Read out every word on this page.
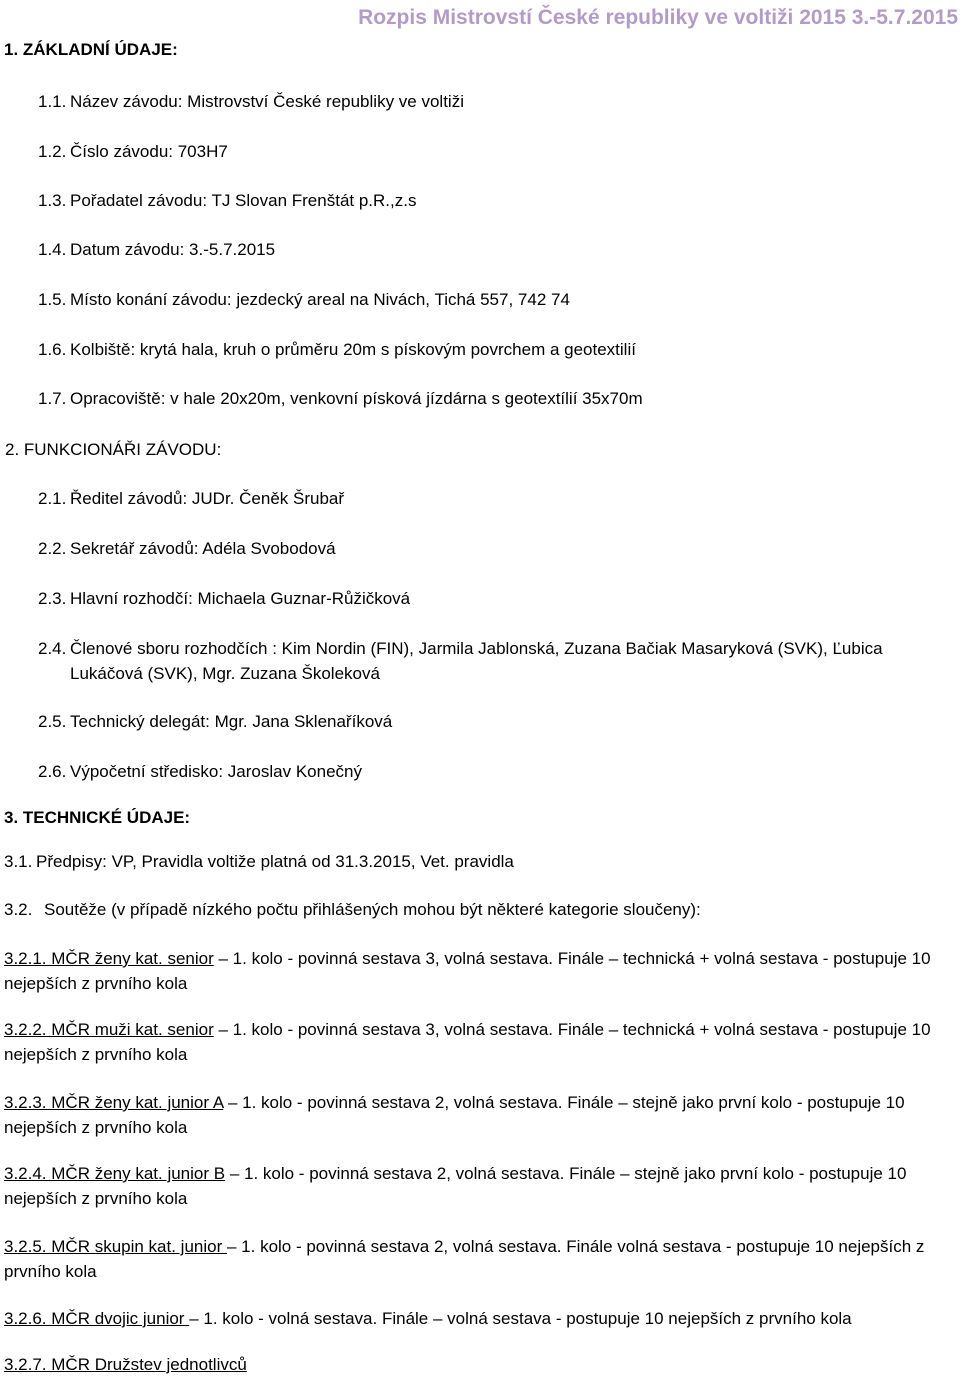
Rozpis Mistrovstí České republiky ve voltiži 2015 3.-5.7.2015
1. ZÁKLADNÍ ÚDAJE:
1.1. Název závodu: Mistrovství České republiky ve voltiži
1.2. Číslo závodu: 703H7
1.3. Pořadatel závodu: TJ Slovan Frenštát p.R.,z.s
1.4. Datum závodu: 3.-5.7.2015
1.5. Místo konání závodu: jezdecký areal na Nivách, Tichá 557, 742 74
1.6. Kolbiště: krytá hala, kruh o průměru 20m s pískovým povrchem a geotextilií
1.7. Opracoviště: v hale 20x20m, venkovní písková jízdárna s geotextílií 35x70m
2. FUNKCIONÁŘI ZÁVODU:
2.1. Ředitel závodů: JUDr. Čeněk Šrubař
2.2. Sekretář závodů: Adéla Svobodová
2.3. Hlavní rozhodčí: Michaela Guznar-Růžičková
2.4. Členové sboru rozhodčích : Kim Nordin (FIN), Jarmila Jablonská, Zuzana Bačiak Masaryková (SVK), Ľubica
Lukáčová (SVK), Mgr. Zuzana Školeková
2.5. Technický delegát: Mgr. Jana Sklenaříková
2.6. Výpočetní středisko: Jaroslav Konečný
3. TECHNICKÉ ÚDAJE:
3.1. Předpisy: VP, Pravidla voltiže platná od 31.3.2015, Vet. pravidla
3.2. Soutěže (v případě nízkého počtu přihlášených mohou být některé kategorie sloučeny):
3.2.1. MČR ženy kat. senior – 1. kolo - povinná sestava 3, volná sestava. Finále – technická + volná sestava - postupuje 10 nejepších z prvního kola
3.2.2. MČR muži kat. senior – 1. kolo - povinná sestava 3, volná sestava. Finále – technická + volná sestava - postupuje 10 nejepších z prvního kola
3.2.3. MČR ženy kat. junior A – 1. kolo - povinná sestava 2, volná sestava. Finále – stejně jako první kolo - postupuje 10 nejepších z prvního kola
3.2.4. MČR ženy kat. junior B – 1. kolo - povinná sestava 2, volná sestava. Finále – stejně jako první kolo - postupuje 10 nejepších z prvního kola
3.2.5. MČR skupin kat. junior – 1. kolo - povinná sestava 2, volná sestava. Finále volná sestava - postupuje 10 nejepších z prvního kola
3.2.6. MČR dvojic junior – 1. kolo - volná sestava. Finále – volná sestava - postupuje 10 nejepších z prvního kola
3.2.7. MČR Družstev jednotlivců
